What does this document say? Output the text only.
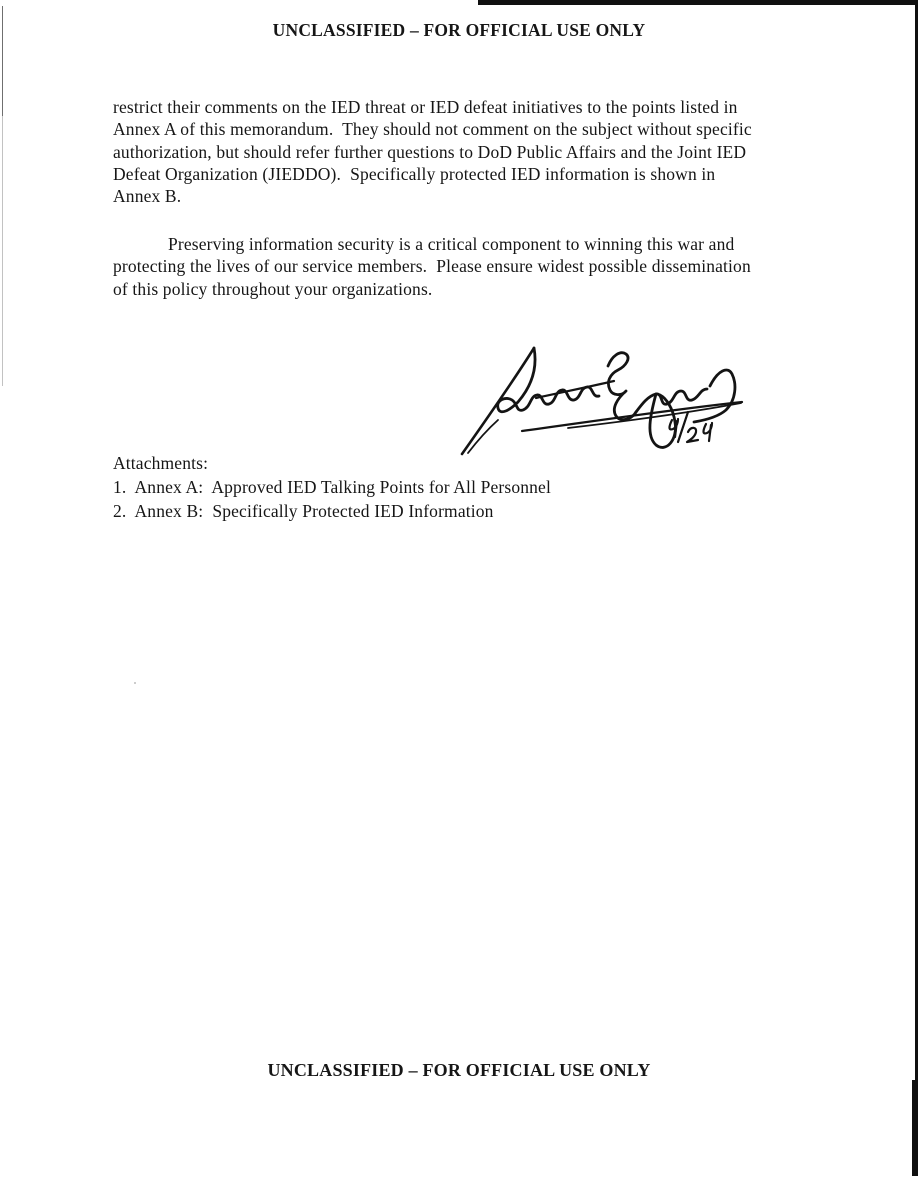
UNCLASSIFIED – FOR OFFICIAL USE ONLY
restrict their comments on the IED threat or IED defeat initiatives to the points listed in
Annex A of this memorandum.  They should not comment on the subject without specific
authorization, but should refer further questions to DoD Public Affairs and the Joint IED
Defeat Organization (JIEDDO).  Specifically protected IED information is shown in
Annex B.
Preserving information security is a critical component to winning this war and
protecting the lives of our service members.  Please ensure widest possible dissemination
of this policy throughout your organizations.
Attachments:
1.  Annex A:  Approved IED Talking Points for All Personnel
2.  Annex B:  Specifically Protected IED Information
UNCLASSIFIED – FOR OFFICIAL USE ONLY
